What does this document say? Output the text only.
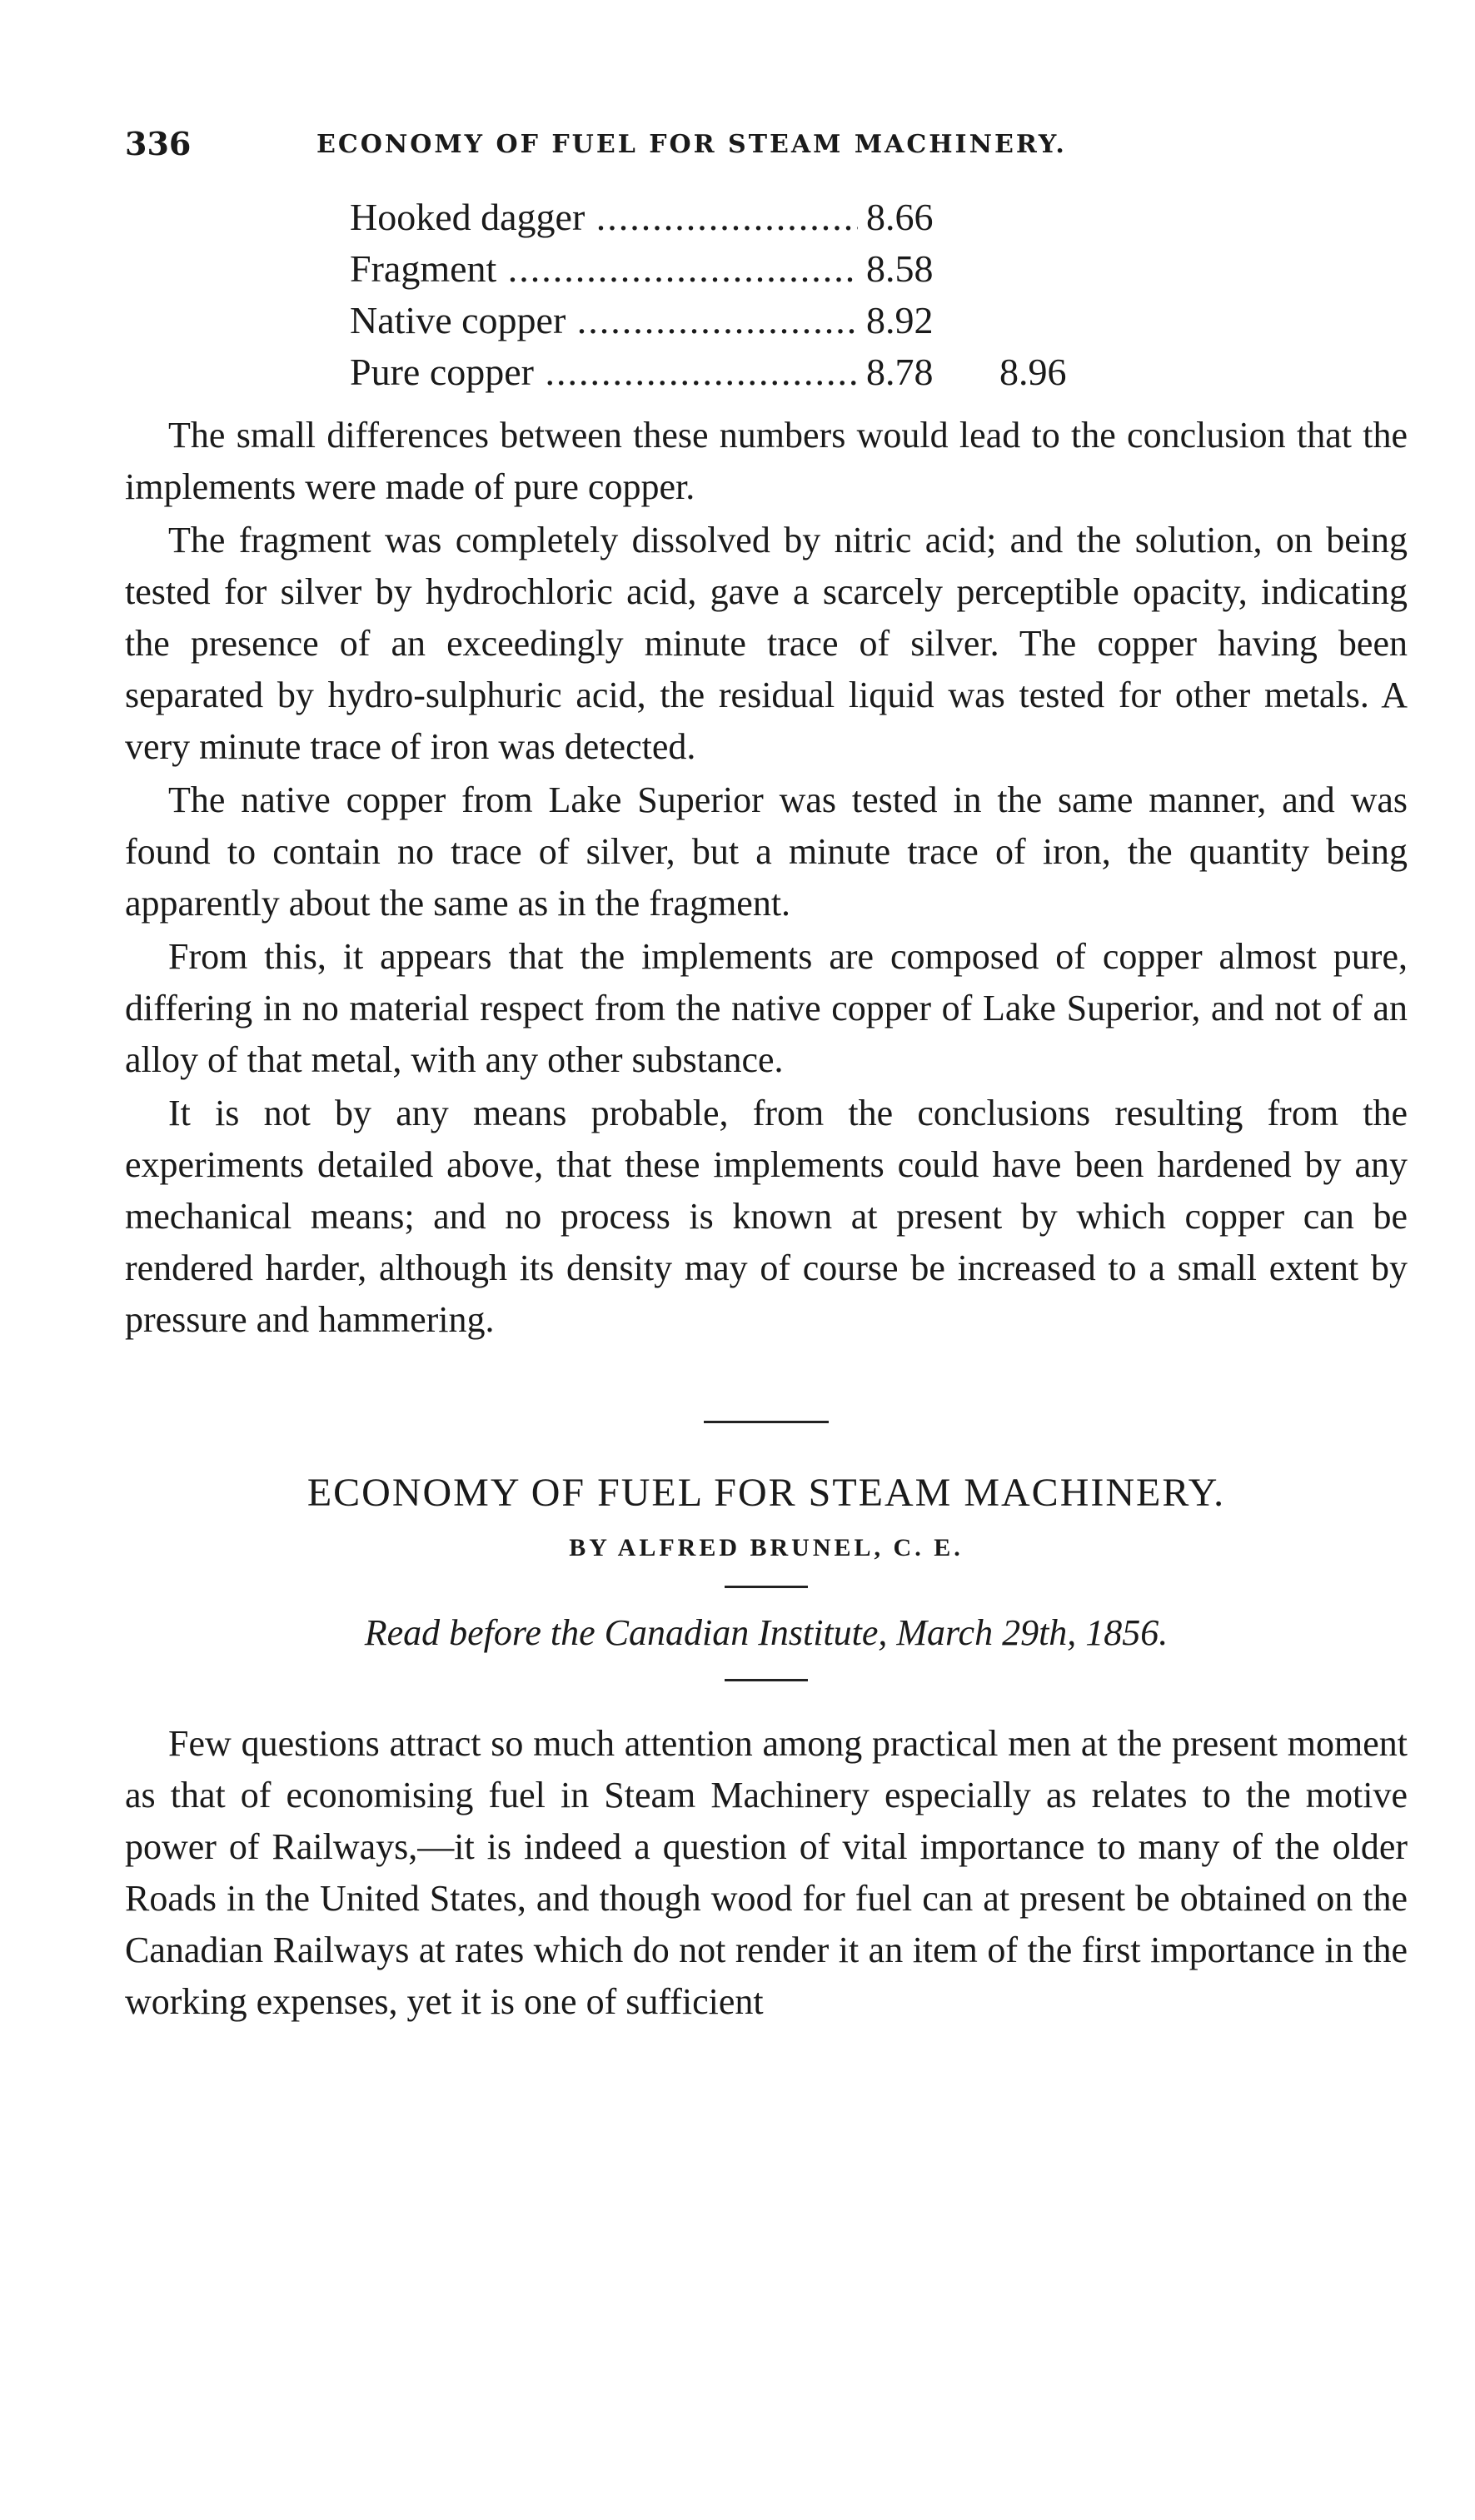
336	ECONOMY OF FUEL FOR STEAM MACHINERY.
Hooked dagger .....	8.66
Fragment .....	8.58
Native copper .....	8.92
Pure copper .....	8.78	8.96

The small differences between these numbers would lead to the conclusion that the implements were made of pure copper.

The fragment was completely dissolved by nitric acid; and the solution, on being tested for silver by hydrochloric acid, gave a scarcely perceptible opacity, indicating the presence of an exceedingly minute trace of silver. The copper having been separated by hydro-sulphuric acid, the residual liquid was tested for other metals. A very minute trace of iron was detected.

The native copper from Lake Superior was tested in the same manner, and was found to contain no trace of silver, but a minute trace of iron, the quantity being apparently about the same as in the fragment.

From this, it appears that the implements are composed of copper almost pure, differing in no material respect from the native copper of Lake Superior, and not of an alloy of that metal, with any other substance.

It is not by any means probable, from the conclusions resulting from the experiments detailed above, that these implements could have been hardened by any mechanical means; and no process is known at present by which copper can be rendered harder, although its density may of course be increased to a small extent by pressure and hammering.

ECONOMY OF FUEL FOR STEAM MACHINERY.
BY ALFRED BRUNEL, C. E.
Read before the Canadian Institute, March 29th, 1856.

Few questions attract so much attention among practical men at the present moment as that of economising fuel in Steam Machinery especially as relates to the motive power of Railways,—it is indeed a question of vital importance to many of the older Roads in the United States, and though wood for fuel can at present be obtained on the Canadian Railways at rates which do not render it an item of the first importance in the working expenses, yet it is one of sufficient
